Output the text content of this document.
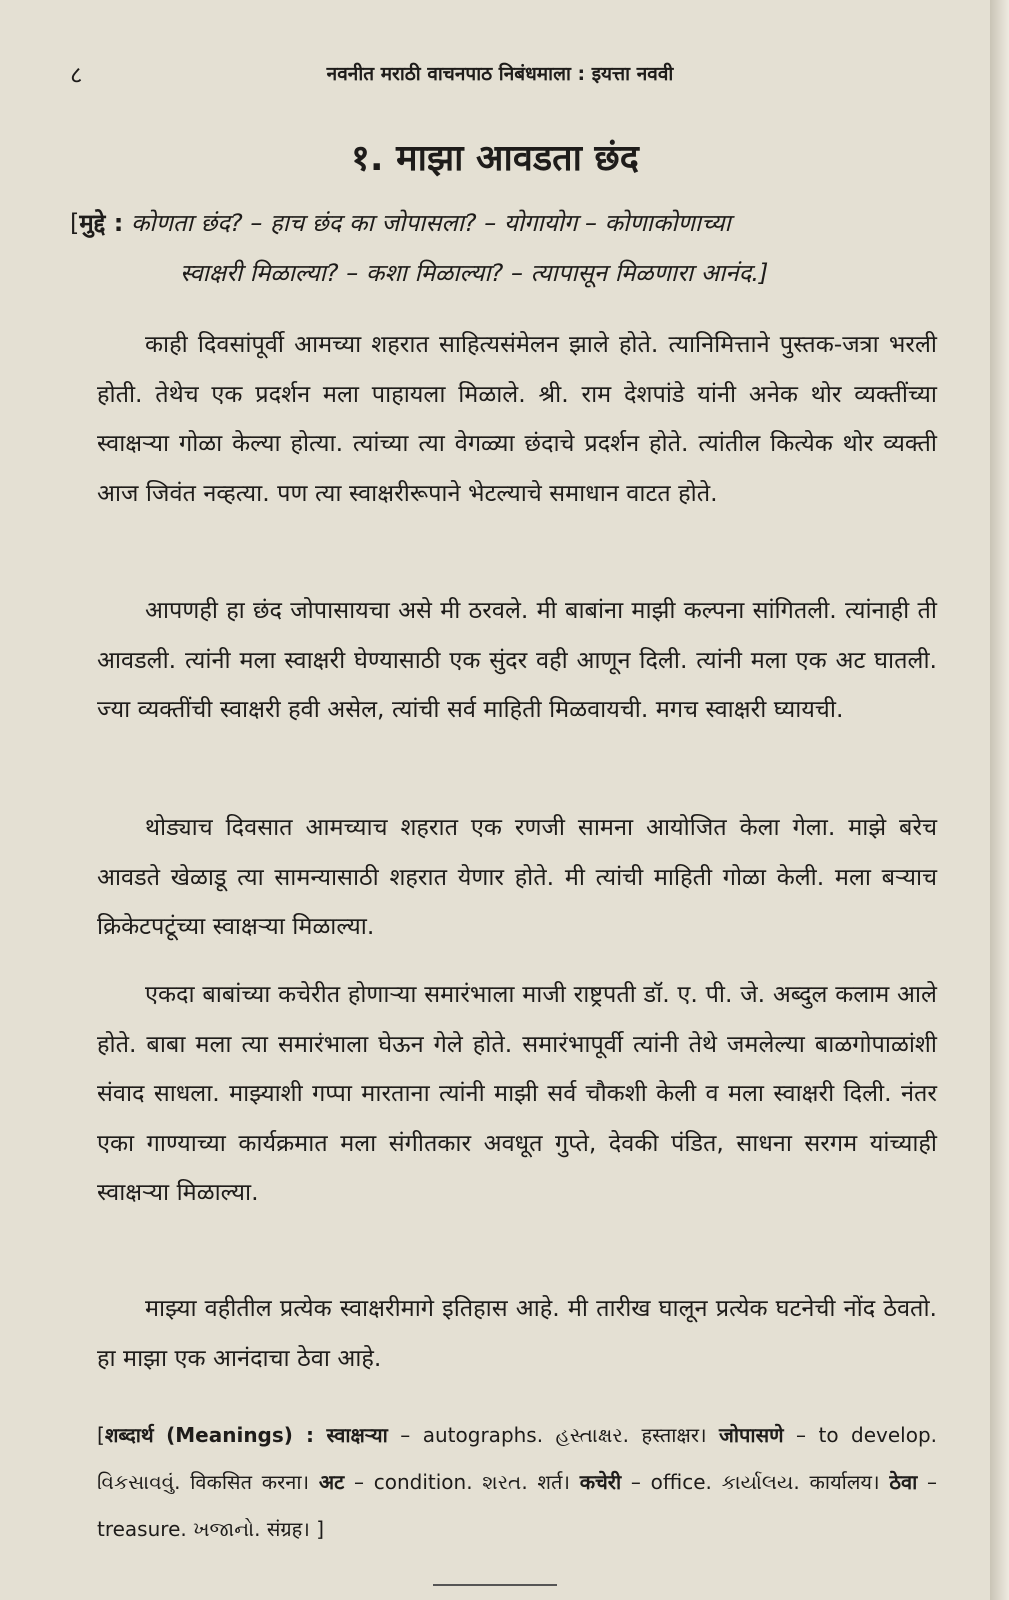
८	नवनीत मराठी वाचनपाठ निबंधमाला : इयत्ता नववी
१. माझा आवडता छंद
[मुद्दे : कोणता छंद? – हाच छंद का जोपासला? – योगायोग – कोणाकोणाच्या
स्वाक्षरी मिळाल्या? – कशा मिळाल्या? – त्यापासून मिळणारा आनंद.]

काही दिवसांपूर्वी आमच्या शहरात साहित्यसंमेलन झाले होते. त्यानिमित्ताने पुस्तक-जत्रा भरली होती. तेथेच एक प्रदर्शन मला पाहायला मिळाले. श्री. राम देशपांडे यांनी अनेक थोर व्यक्तींच्या स्वाक्षऱ्या गोळा केल्या होत्या. त्यांच्या त्या वेगळ्या छंदाचे प्रदर्शन होते. त्यांतील कित्येक थोर व्यक्ती आज जिवंत नव्हत्या. पण त्या स्वाक्षरीरूपाने भेटल्याचे समाधान वाटत होते.

आपणही हा छंद जोपासायचा असे मी ठरवले. मी बाबांना माझी कल्पना सांगितली. त्यांनाही ती आवडली. त्यांनी मला स्वाक्षरी घेण्यासाठी एक सुंदर वही आणून दिली. त्यांनी मला एक अट घातली. ज्या व्यक्तींची स्वाक्षरी हवी असेल, त्यांची सर्व माहिती मिळवायची. मगच स्वाक्षरी घ्यायची.

थोड्याच दिवसात आमच्याच शहरात एक रणजी सामना आयोजित केला गेला. माझे बरेच आवडते खेळाडू त्या सामन्यासाठी शहरात येणार होते. मी त्यांची माहिती गोळा केली. मला बऱ्याच क्रिकेटपटूंच्या स्वाक्षऱ्या मिळाल्या.

एकदा बाबांच्या कचेरीत होणाऱ्या समारंभाला माजी राष्ट्रपती डॉ. ए. पी. जे. अब्दुल कलाम आले होते. बाबा मला त्या समारंभाला घेऊन गेले होते. समारंभापूर्वी त्यांनी तेथे जमलेल्या बाळगोपाळांशी संवाद साधला. माझ्याशी गप्पा मारताना त्यांनी माझी सर्व चौकशी केली व मला स्वाक्षरी दिली. नंतर एका गाण्याच्या कार्यक्रमात मला संगीतकार अवधूत गुप्ते, देवकी पंडित, साधना सरगम यांच्याही स्वाक्षऱ्या मिळाल्या.

माझ्या वहीतील प्रत्येक स्वाक्षरीमागे इतिहास आहे. मी तारीख घालून प्रत्येक घटनेची नोंद ठेवतो. हा माझा एक आनंदाचा ठेवा आहे.

[शब्दार्थ (Meanings) : स्वाक्षऱ्या – autographs. હસ્તાક્ષર. हस्ताक्षर। जोपासणे – to develop. વિકસાવવું. विकसित करना। अट – condition. શરત. शर्त। कचेरी – office. કાર્યાલય. कार्यालय। ठेवा – treasure. ખજાનો. संग्रह। ]
